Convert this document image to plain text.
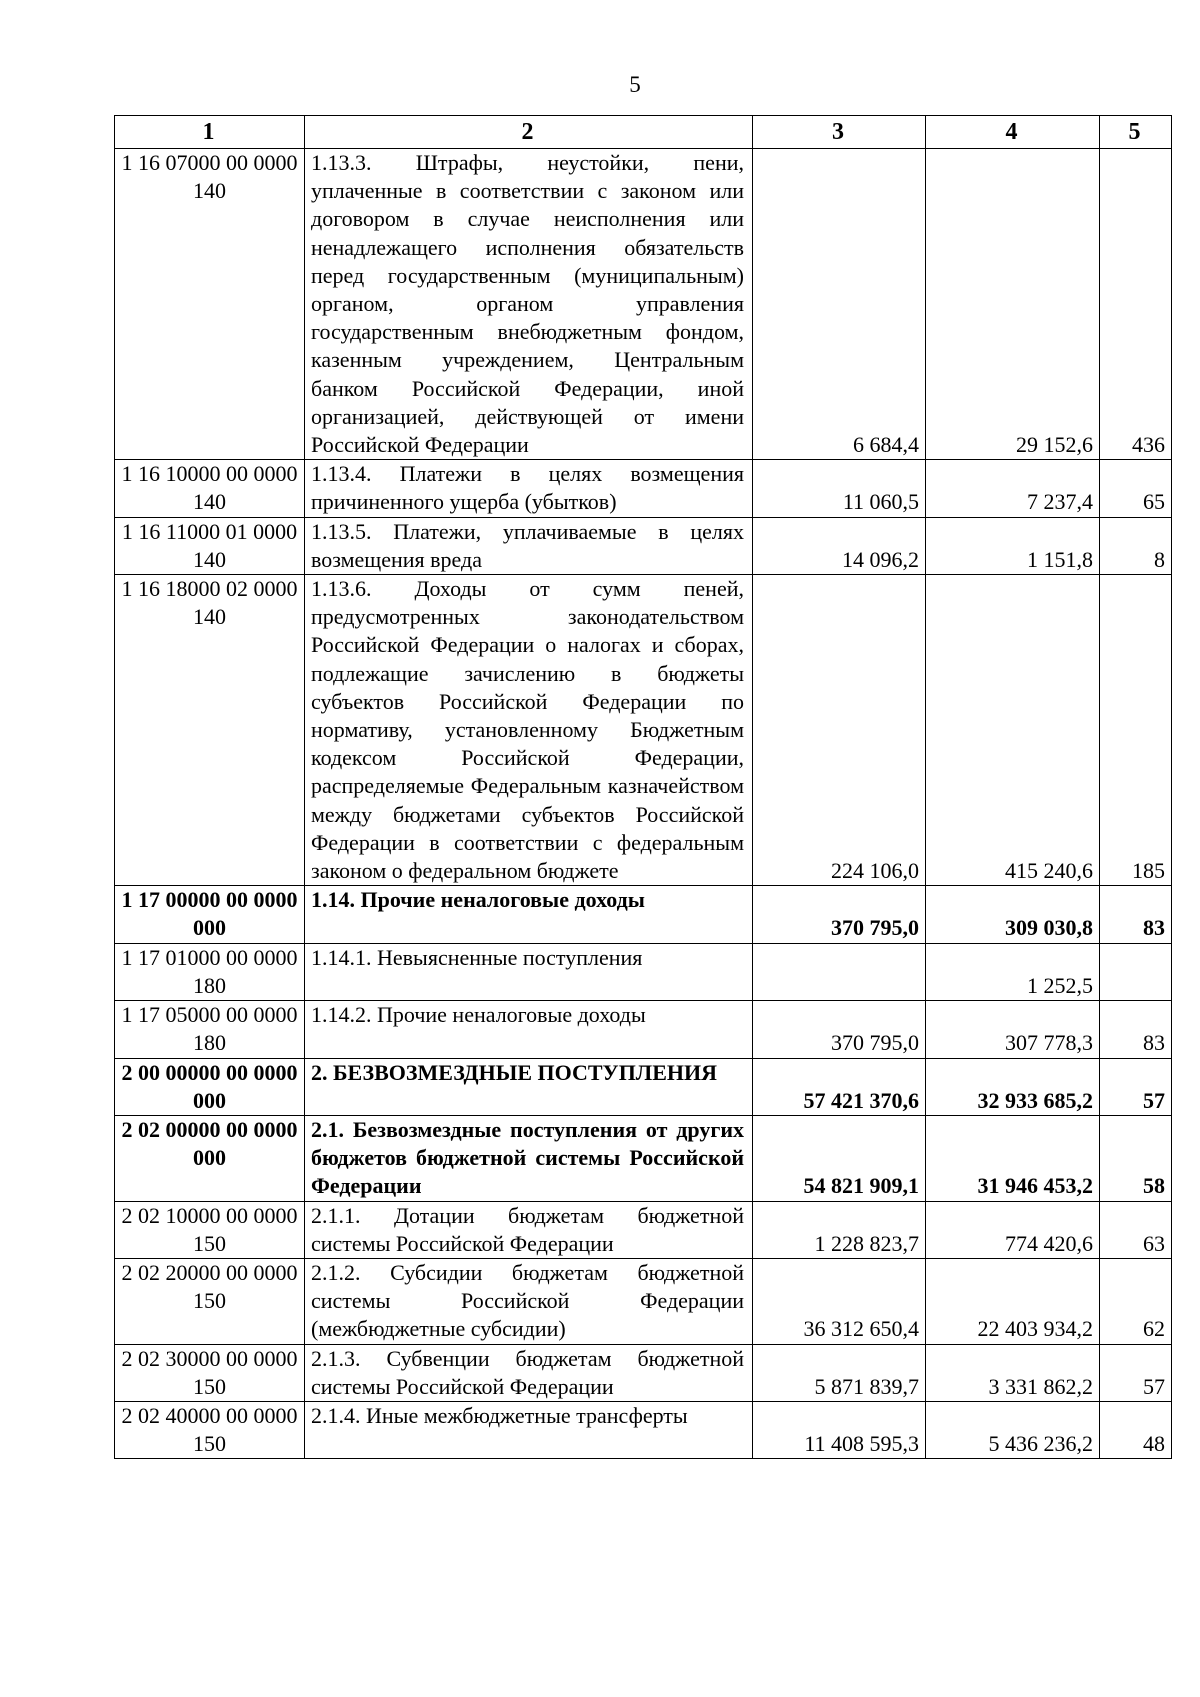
5
1	2	3	4	5
1 16 07000 00 0000 140	1.13.3. Штрафы, неустойки, пени, уплаченные в соответствии с законом или договором в случае неисполнения или ненадлежащего исполнения обязательств перед государственным (муниципальным) органом, органом управления государственным внебюджетным фондом, казенным учреждением, Центральным банком Российской Федерации, иной организацией, действующей от имени Российской Федерации	6 684,4	29 152,6	436
1 16 10000 00 0000 140	1.13.4. Платежи в целях возмещения причиненного ущерба (убытков)	11 060,5	7 237,4	65
1 16 11000 01 0000 140	1.13.5. Платежи, уплачиваемые в целях возмещения вреда	14 096,2	1 151,8	8
1 16 18000 02 0000 140	1.13.6. Доходы от сумм пеней, предусмотренных законодательством Российской Федерации о налогах и сборах, подлежащие зачислению в бюджеты субъектов Российской Федерации по нормативу, установленному Бюджетным кодексом Российской Федерации, распределяемые Федеральным казначейством между бюджетами субъектов Российской Федерации в соответствии с федеральным законом о федеральном бюджете	224 106,0	415 240,6	185
1 17 00000 00 0000 000	1.14. Прочие неналоговые доходы	370 795,0	309 030,8	83
1 17 01000 00 0000 180	1.14.1. Невыясненные поступления		1 252,5	
1 17 05000 00 0000 180	1.14.2. Прочие неналоговые доходы	370 795,0	307 778,3	83
2 00 00000 00 0000 000	2. БЕЗВОЗМЕЗДНЫЕ ПОСТУПЛЕНИЯ	57 421 370,6	32 933 685,2	57
2 02 00000 00 0000 000	2.1. Безвозмездные поступления от других бюджетов бюджетной системы Российской Федерации	54 821 909,1	31 946 453,2	58
2 02 10000 00 0000 150	2.1.1. Дотации бюджетам бюджетной системы Российской Федерации	1 228 823,7	774 420,6	63
2 02 20000 00 0000 150	2.1.2. Субсидии бюджетам бюджетной системы Российской Федерации (межбюджетные субсидии)	36 312 650,4	22 403 934,2	62
2 02 30000 00 0000 150	2.1.3. Субвенции бюджетам бюджетной системы Российской Федерации	5 871 839,7	3 331 862,2	57
2 02 40000 00 0000 150	2.1.4. Иные межбюджетные трансферты	11 408 595,3	5 436 236,2	48
